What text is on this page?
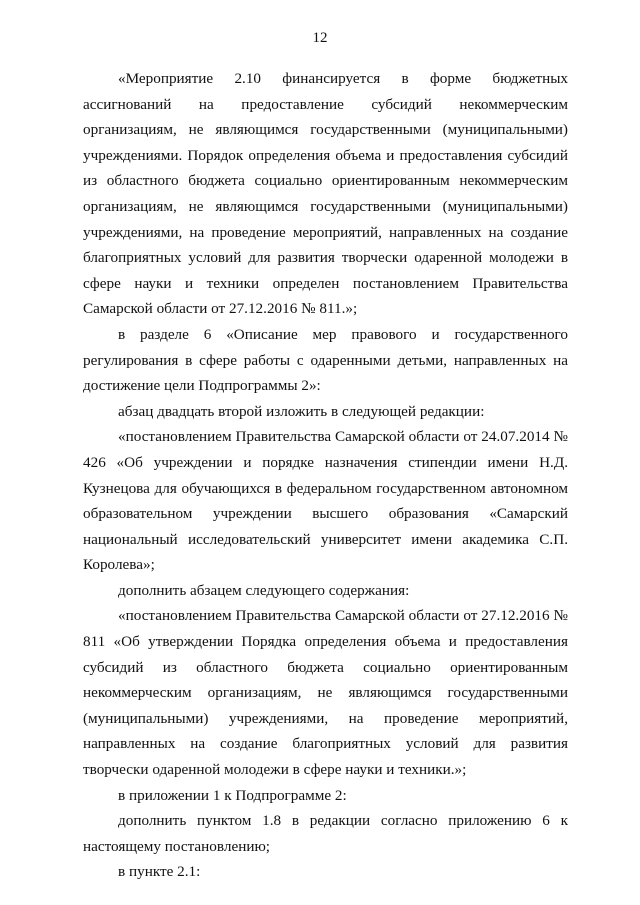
12

«Мероприятие 2.10 финансируется в форме бюджетных ассигнований на предоставление субсидий некоммерческим организациям, не являющимся государственными (муниципальными) учреждениями. Порядок определения объема и предоставления субсидий из областного бюджета социально ориентированным некоммерческим организациям, не являющимся государственными (муниципальными) учреждениями, на проведение мероприятий, направленных на создание благоприятных условий для развития творчески одаренной молодежи в сфере науки и техники определен постановлением Правительства Самарской области от 27.12.2016 № 811.»;

в разделе 6 «Описание мер правового и государственного регулирования в сфере работы с одаренными детьми, направленных на достижение цели Подпрограммы 2»:

абзац двадцать второй изложить в следующей редакции:

«постановлением Правительства Самарской области от 24.07.2014 № 426 «Об учреждении и порядке назначения стипендии имени Н.Д. Кузнецова для обучающихся в федеральном государственном автономном образовательном учреждении высшего образования «Самарский национальный исследовательский университет имени академика С.П. Королева»;

дополнить абзацем следующего содержания:

«постановлением Правительства Самарской области от 27.12.2016 № 811 «Об утверждении Порядка определения объема и предоставления субсидий из областного бюджета социально ориентированным некоммерческим организациям, не являющимся государственными (муниципальными) учреждениями, на проведение мероприятий, направленных на создание благоприятных условий для развития творчески одаренной молодежи в сфере науки и техники.»;

в приложении 1 к Подпрограмме 2:

дополнить пунктом 1.8 в редакции согласно приложению 6 к настоящему постановлению;

в пункте 2.1:
